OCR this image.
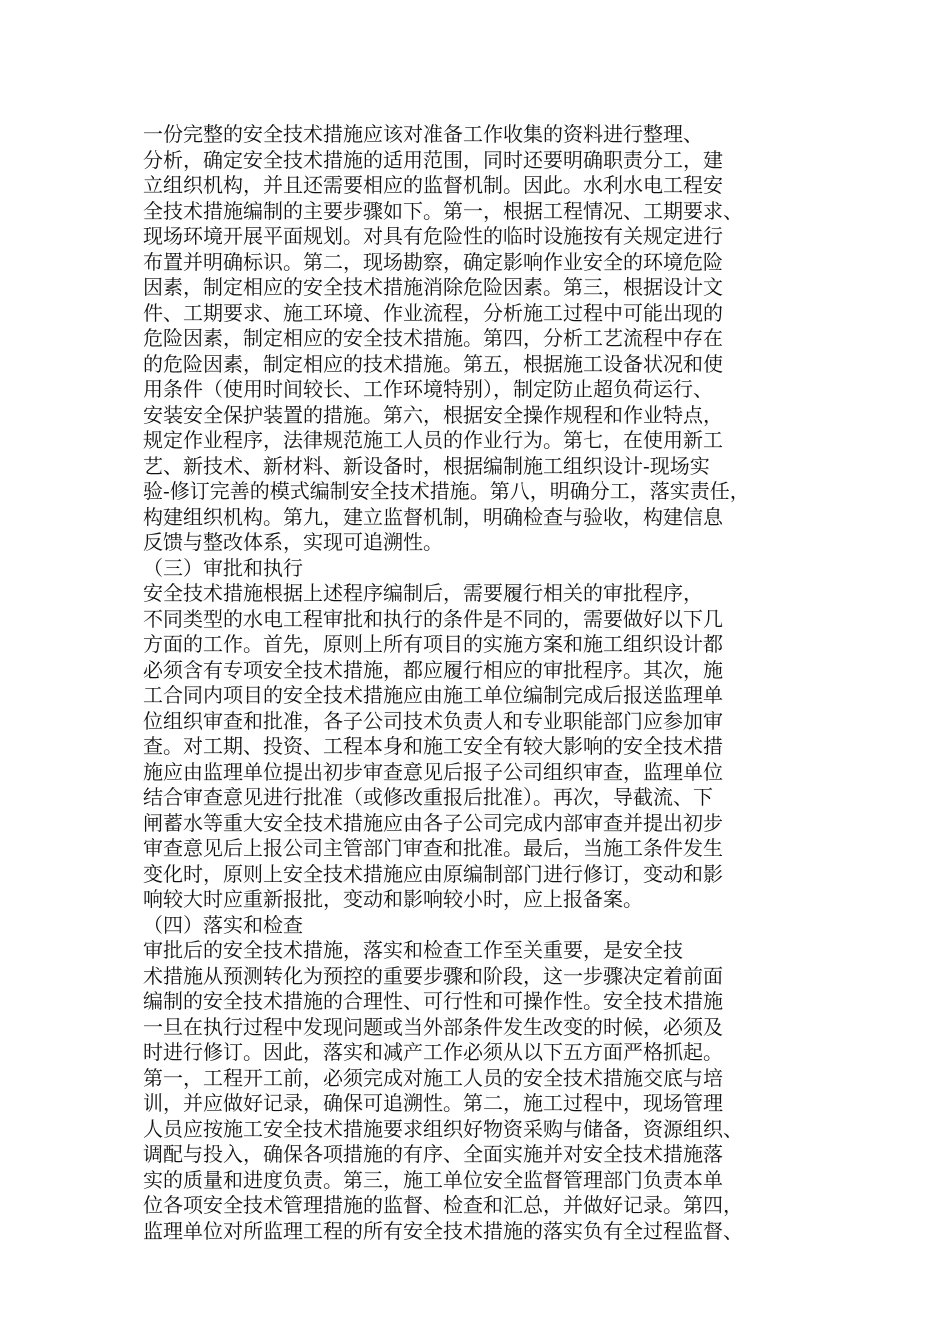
一份完整的安全技术措施应该对准备工作收集的资料进行整理、
分析，确定安全技术措施的适用范围，同时还要明确职责分工，建
立组织机构，并且还需要相应的监督机制。因此。水利水电工程安
全技术措施编制的主要步骤如下。第一，根据工程情况、工期要求、
现场环境开展平面规划。对具有危险性的临时设施按有关规定进行
布置并明确标识。第二，现场勘察，确定影响作业安全的环境危险
因素，制定相应的安全技术措施消除危险因素。第三，根据设计文
件、工期要求、施工环境、作业流程，分析施工过程中可能出现的
危险因素，制定相应的安全技术措施。第四，分析工艺流程中存在
的危险因素，制定相应的技术措施。第五，根据施工设备状况和使
用条件（使用时间较长、工作环境特别），制定防止超负荷运行、
安装安全保护装置的措施。第六，根据安全操作规程和作业特点，
规定作业程序，法律规范施工人员的作业行为。第七，在使用新工
艺、新技术、新材料、新设备时，根据编制施工组织设计-现场实
验-修订完善的模式编制安全技术措施。第八，明确分工，落实责任，
构建组织机构。第九，建立监督机制，明确检查与验收，构建信息
反馈与整改体系，实现可追溯性。
（三）审批和执行
安全技术措施根据上述程序编制后，需要履行相关的审批程序，
不同类型的水电工程审批和执行的条件是不同的，需要做好以下几
方面的工作。首先，原则上所有项目的实施方案和施工组织设计都
必须含有专项安全技术措施，都应履行相应的审批程序。其次，施
工合同内项目的安全技术措施应由施工单位编制完成后报送监理单
位组织审查和批准，各子公司技术负责人和专业职能部门应参加审
查。对工期、投资、工程本身和施工安全有较大影响的安全技术措
施应由监理单位提出初步审查意见后报子公司组织审查，监理单位
结合审查意见进行批准（或修改重报后批准）。再次，导截流、下
闸蓄水等重大安全技术措施应由各子公司完成内部审查并提出初步
审查意见后上报公司主管部门审查和批准。最后，当施工条件发生
变化时，原则上安全技术措施应由原编制部门进行修订，变动和影
响较大时应重新报批，变动和影响较小时，应上报备案。
（四）落实和检查
审批后的安全技术措施，落实和检查工作至关重要，是安全技
术措施从预测转化为预控的重要步骤和阶段，这一步骤决定着前面
编制的安全技术措施的合理性、可行性和可操作性。安全技术措施
一旦在执行过程中发现问题或当外部条件发生改变的时候，必须及
时进行修订。因此，落实和减产工作必须从以下五方面严格抓起。
第一，工程开工前，必须完成对施工人员的安全技术措施交底与培
训，并应做好记录，确保可追溯性。第二，施工过程中，现场管理
人员应按施工安全技术措施要求组织好物资采购与储备，资源组织、
调配与投入，确保各项措施的有序、全面实施并对安全技术措施落
实的质量和进度负责。第三，施工单位安全监督管理部门负责本单
位各项安全技术管理措施的监督、检查和汇总，并做好记录。第四，
监理单位对所监理工程的所有安全技术措施的落实负有全过程监督、
